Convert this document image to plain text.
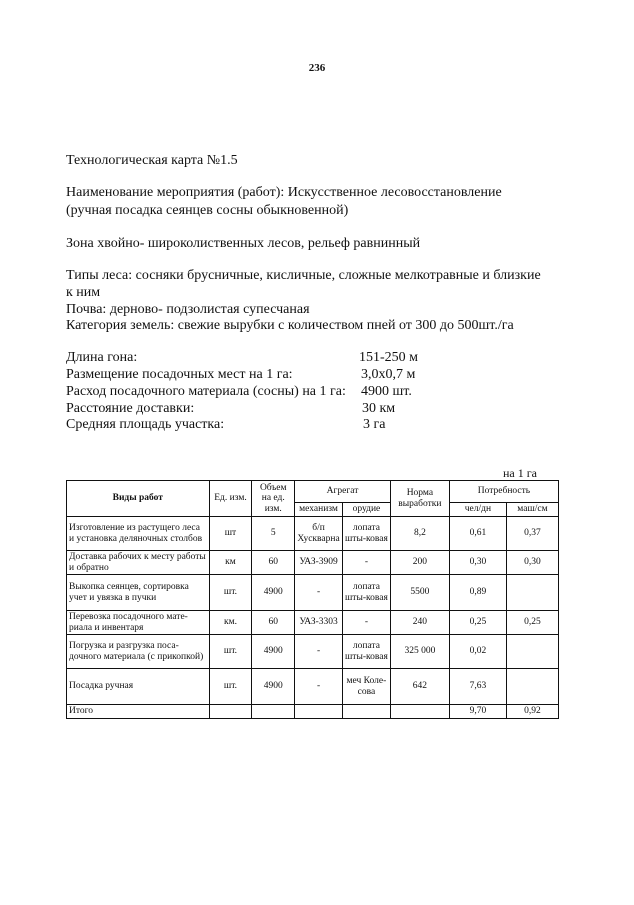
236
Технологическая карта №1.5
Наименование мероприятия (работ): Искусственное лесовосстановление
(ручная посадка сеянцев сосны обыкновенной)
Зона хвойно- широколиственных лесов, рельеф равнинный
Типы леса: сосняки брусничные, кисличные, сложные мелкотравные и близкие
к ним
Почва: дерново- подзолистая супесчаная
Категория земель: свежие вырубки с количеством пней от 300 до 500шт./га
Длина гона:	151-250 м
Размещение посадочных мест на 1 га:	3,0х0,7 м
Расход посадочного материала (сосны) на 1 га: 4900 шт.
Расстояние доставки:	30 км
Средняя площадь участка:	3 га
на 1 га
Виды работ	Ед. изм.	Объем на ед. изм.	Агрегат		Норма выработки	Потребность	
			механизм	орудие		чел/дн	маш/см
Изготовление из растущего леса и установка деляночных столбов	шт	5	б/п Хускварна	лопата шты-ковая	8,2	0,61	0,37
Доставка рабочих к месту работы и обратно	км	60	УАЗ-3909	-	200	0,30	0,30
Выкопка сеянцев, сортировка учет и увязка в пучки	шт.	4900	-	лопата шты-ковая	5500	0,89	
Перевозка посадочного мате-риала и инвентаря	км.	60	УАЗ-3303	-	240	0,25	0,25
Погрузка и разгрузка поса-дочного материала (с прикопкой)	шт.	4900	-	лопата шты-ковая	325 000	0,02	
Посадка ручная	шт.	4900	-	меч Коле-сова	642	7,63	
Итого						9,70	0,92
